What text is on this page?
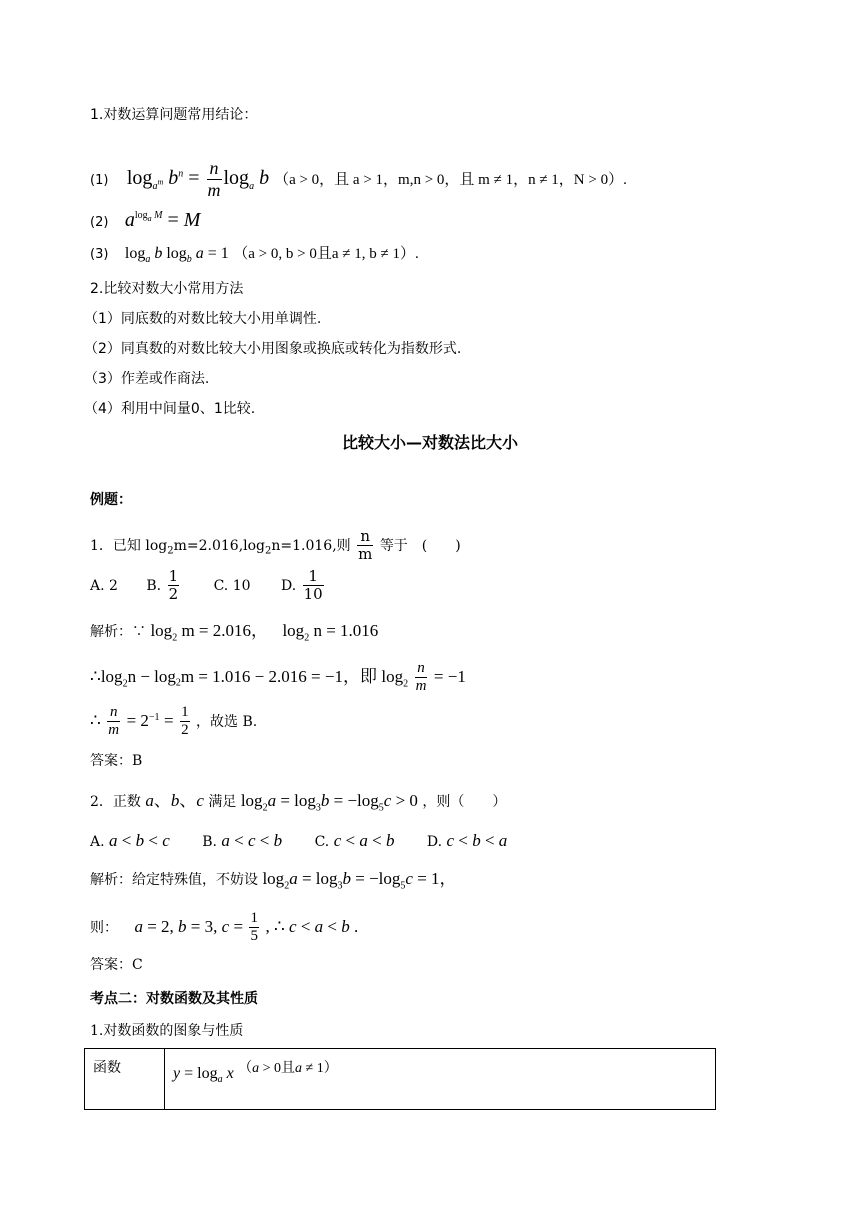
1.对数运算问题常用结论：
(1) $\log_{a^m} b^n = \frac{n}{m} \log_a b$ （a > 0，且 a > 1，m,n > 0，且 m ≠ 1，n ≠ 1，N > 0）.
(2) $a^{log_a M} = M$
(3) $\log_a b$ $\log_b a = 1$ （a > 0, b > 0且a ≠ 1, b ≠ 1）.
2.比较对数大小常用方法
（1）同底数的对数比较大小用单调性.
（2）同真数的对数比较大小用图象或换底或转化为指数形式.
（3）作差或作商法.
（4）利用中间量0、1比较.
比较大小—对数法比大小
例题：
1．已知 $\log_2m=2.016,\log_2n=1.016$,则 $\frac{n}{m}$ 等于　(　　)
A. 2 B. $\frac{1}{2} C$. 10 D. $\frac{1}{10}$
解析：∵ $\log_2 m = 2.016$， $\log_2 n = 1.016$
$\therefore\log_2n - \log_2m = 1.016 - 2.016 = -1$，即 $\log_2 \frac{n}{m} = -1$
∴ $\frac{n}{m} = 2^{-1} = \frac{1}{2}$ ，故选 B.
答案：B
2．正数 a、b、c 满足 $\log_2a = \log_3b = -\log_5c > 0$ ，则（　　）
A. a < b < c B. a < c < b C. c < a < b D. c < b < a
解析：给定特殊值，不妨设 $\log_2a = \log_3b = -\log_5c = 1$，
则： a = 2, b = 3, $c = \frac{1}{5}$ , ∴ c < a < b .
答案：C
考点二：对数函数及其性质
1.对数函数的图象与性质
函数	$y = \log_a x$ （a > 0且a ≠ 1）
